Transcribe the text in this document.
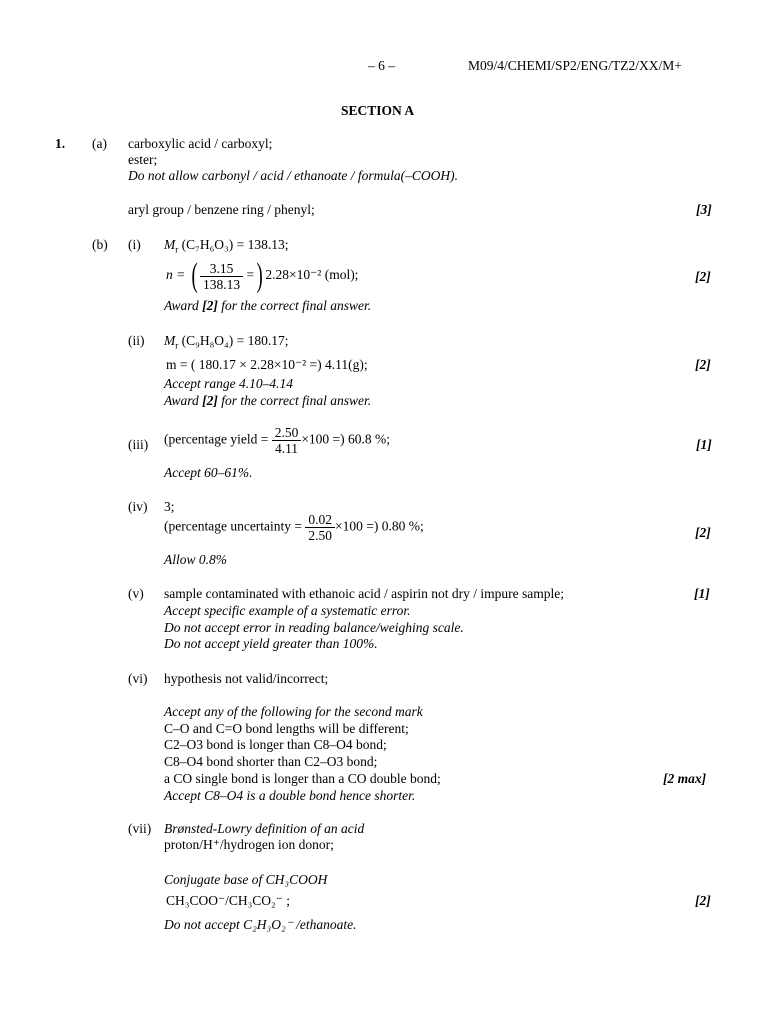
– 6 –	M09/4/CHEMI/SP2/ENG/TZ2/XX/M+
SECTION A
1. (a) carboxylic acid / carboxyl;
ester;
Do not allow carbonyl / acid / ethanoate / formula(–COOH).
aryl group / benzene ring / phenyl;	[3]
(b) (i) $M_r$ (C₇H₆O₃) = 138.13;
n = ( $\frac{3.15}{138.13}$ =) 2.28×10⁻² (mol);	[2]
Award [2] for the correct final answer.
(ii) $M_r$ (C₉H₈O₄) = 180.17;
m = ( 180.17 × 2.28×10⁻² =) 4.11(g);	[2]
Accept range 4.10–4.14
Award [2] for the correct final answer.
(iii) (percentage yield = $\frac{2.50}{4.11} \times 100$ =) 60.8 %;	[1]
Accept 60–61%.
(iv) 3;
(percentage uncertainty = $\frac{0.02}{2.50} \times 100$ =) 0.80 %;	[2]
Allow 0.8%
(v) sample contaminated with ethanoic acid / aspirin not dry / impure sample;	[1]
Accept specific example of a systematic error.
Do not accept error in reading balance/weighing scale.
Do not accept yield greater than 100%.
(vi) hypothesis not valid/incorrect;
Accept any of the following for the second mark
C–O and C=O bond lengths will be different;
C2–O3 bond is longer than C8–O4 bond;
C8–O4 bond shorter than C2–O3 bond;
a CO single bond is longer than a CO double bond;	[2 max]
Accept C8–O4 is a double bond hence shorter.
(vii) Brønsted-Lowry definition of an acid
proton/H⁺/hydrogen ion donor;
Conjugate base of CH₃COOH
CH₃COO⁻/CH₃CO₂⁻ ;	[2]
Do not accept C₂H₃O₂⁻ /ethanoate.
